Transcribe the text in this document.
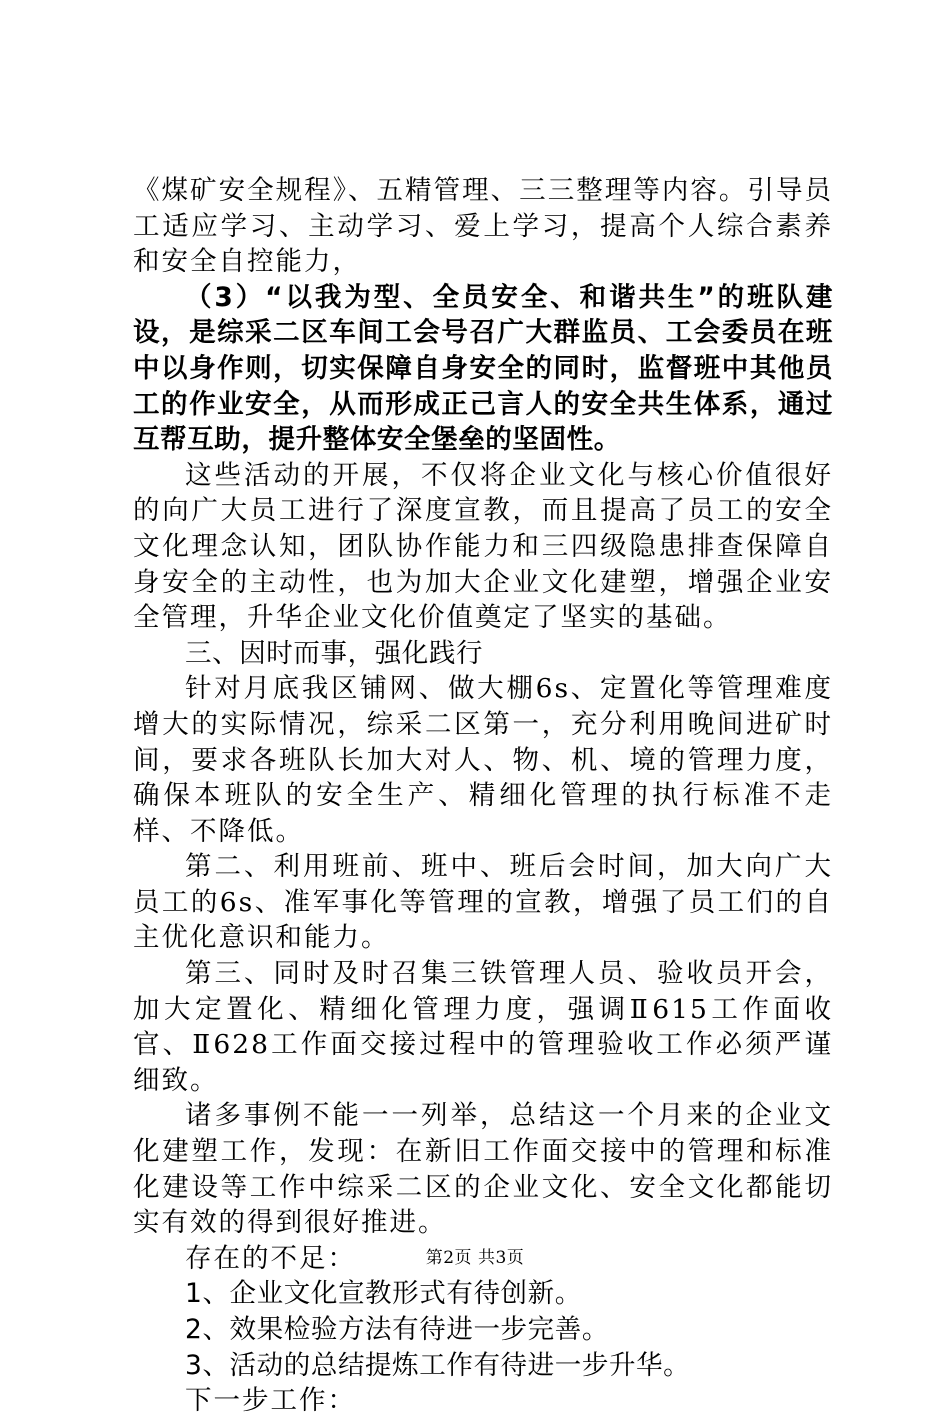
《煤矿安全规程》、五精管理、三三整理等内容。引导员工适应学习、主动学习、爱上学习，提高个人综合素养和安全自控能力，

（3）“以我为型、全员安全、和谐共生”的班队建设，是综采二区车间工会号召广大群监员、工会委员在班中以身作则，切实保障自身安全的同时，监督班中其他员工的作业安全，从而形成正己言人的安全共生体系，通过互帮互助，提升整体安全堡垒的坚固性。

这些活动的开展，不仅将企业文化与核心价值很好的向广大员工进行了深度宣教，而且提高了员工的安全文化理念认知，团队协作能力和三四级隐患排查保障自身安全的主动性，也为加大企业文化建塑，增强企业安全管理，升华企业文化价值奠定了坚实的基础。

三、因时而事，强化践行

针对月底我区铺网、做大棚6s、定置化等管理难度增大的实际情况，综采二区第一，充分利用晚间进矿时间，要求各班队长加大对人、物、机、境的管理力度，确保本班队的安全生产、精细化管理的执行标准不走样、不降低。

第二、利用班前、班中、班后会时间，加大向广大员工的6s、准军事化等管理的宣教，增强了员工们的自主优化意识和能力。

第三、同时及时召集三铁管理人员、验收员开会，加大定置化、精细化管理力度，强调Ⅱ615工作面收官、Ⅱ628工作面交接过程中的管理验收工作必须严谨细致。

诸多事例不能一一列举，总结这一个月来的企业文化建塑工作，发现：在新旧工作面交接中的管理和标准化建设等工作中综采二区的企业文化、安全文化都能切实有效的得到很好推进。

存在的不足：

1、企业文化宣教形式有待创新。

2、效果检验方法有待进一步完善。

3、活动的总结提炼工作有待进一步升华。

下一步工作：

第2页 共3页
